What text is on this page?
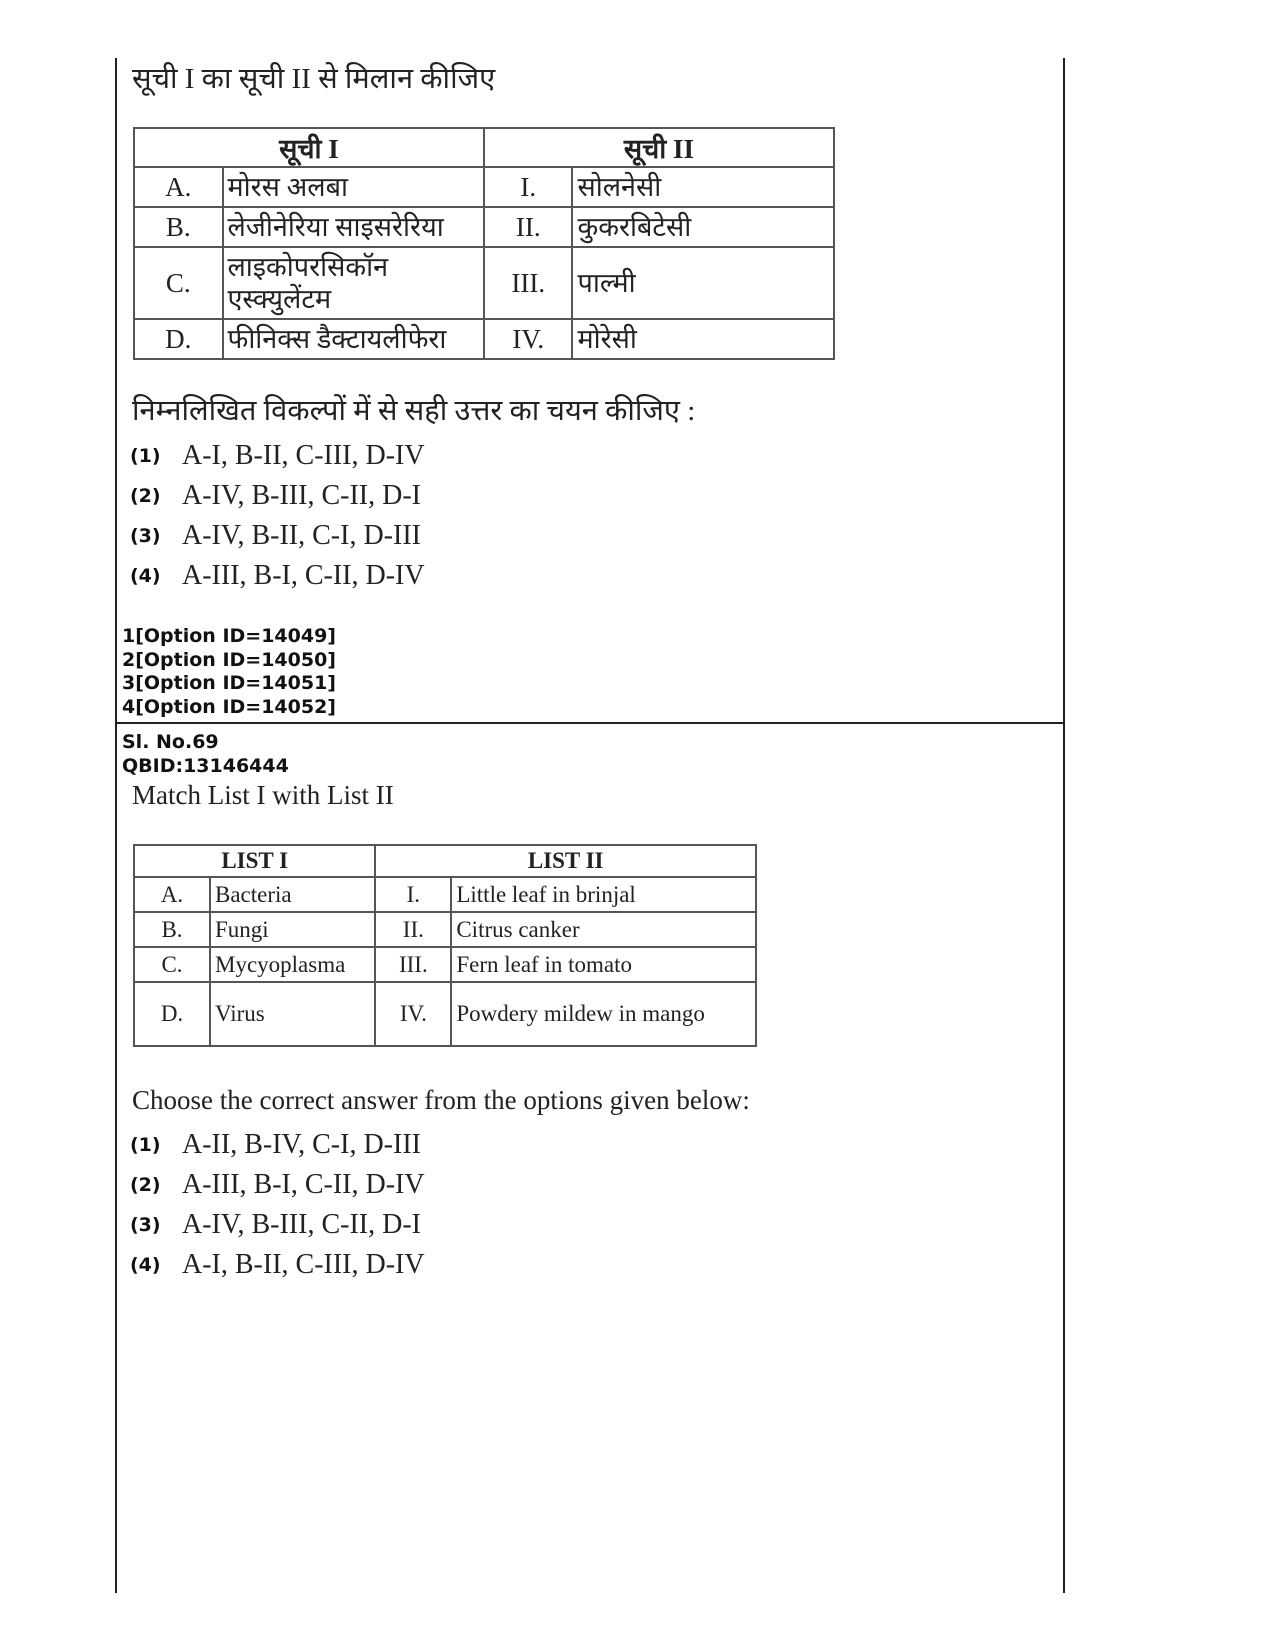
सूची I का सूची II से मिलान कीजिए
सूची I		सूची II	
A.	मोरस अलबा	I.	सोलनेसी
B.	लेजीनेरिया साइसरेरिया	II.	कुकरबिटेसी
C.	लाइकोपरसिकॉन एस्क्युलेंटम	III.	पाल्मी
D.	फीनिक्स डैक्टायलीफेरा	IV.	मोरेसी
निम्नलिखित विकल्पों में से सही उत्तर का चयन कीजिए :
(1) A-I, B-II, C-III, D-IV
(2) A-IV, B-III, C-II, D-I
(3) A-IV, B-II, C-I, D-III
(4) A-III, B-I, C-II, D-IV
1[Option ID=14049]
2[Option ID=14050]
3[Option ID=14051]
4[Option ID=14052]
Sl. No.69
QBID:13146444
Match List I with List II
LIST I		LIST II	
A.	Bacteria	I.	Little leaf in brinjal
B.	Fungi	II.	Citrus canker
C.	Mycyoplasma	III.	Fern leaf in tomato
D.	Virus	IV.	Powdery mildew in mango
Choose the correct answer from the options given below:
(1) A-II, B-IV, C-I, D-III
(2) A-III, B-I, C-II, D-IV
(3) A-IV, B-III, C-II, D-I
(4) A-I, B-II, C-III, D-IV
